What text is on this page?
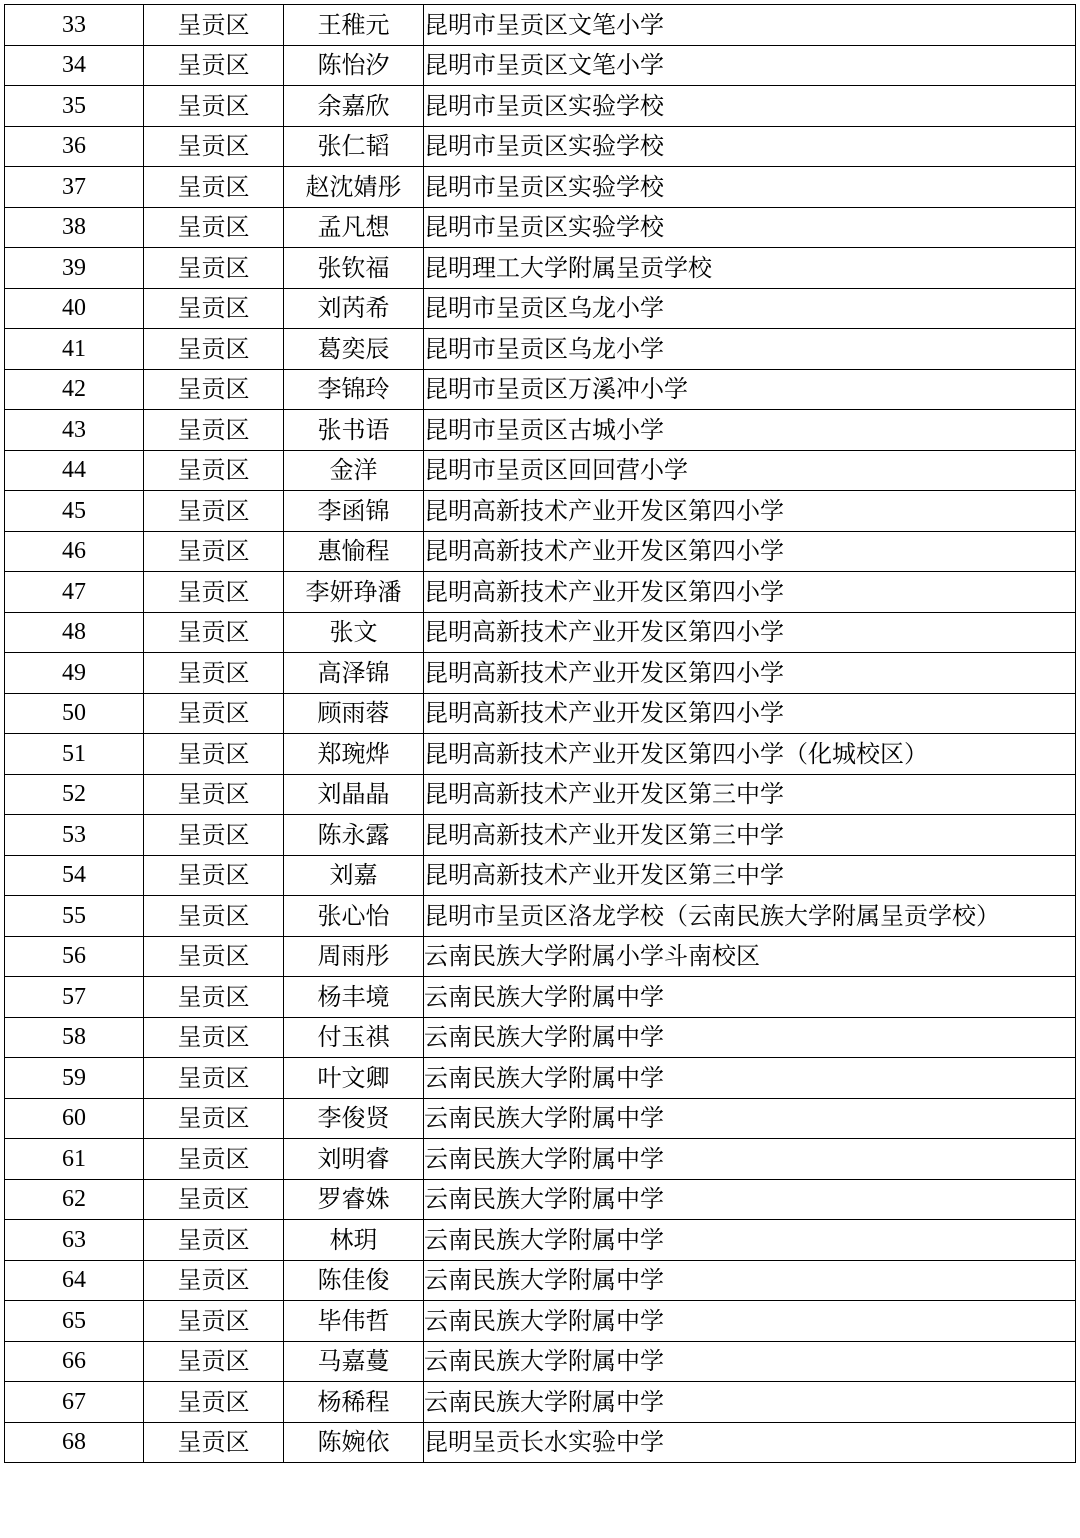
33	呈贡区	王稚元	昆明市呈贡区文笔小学
34	呈贡区	陈怡汐	昆明市呈贡区文笔小学
35	呈贡区	余嘉欣	昆明市呈贡区实验学校
36	呈贡区	张仁韬	昆明市呈贡区实验学校
37	呈贡区	赵沈婧彤	昆明市呈贡区实验学校
38	呈贡区	孟凡想	昆明市呈贡区实验学校
39	呈贡区	张钦福	昆明理工大学附属呈贡学校
40	呈贡区	刘芮希	昆明市呈贡区乌龙小学
41	呈贡区	葛奕辰	昆明市呈贡区乌龙小学
42	呈贡区	李锦玲	昆明市呈贡区万溪冲小学
43	呈贡区	张书语	昆明市呈贡区古城小学
44	呈贡区	金洋	昆明市呈贡区回回营小学
45	呈贡区	李函锦	昆明高新技术产业开发区第四小学
46	呈贡区	惠愉程	昆明高新技术产业开发区第四小学
47	呈贡区	李妍琤潘	昆明高新技术产业开发区第四小学
48	呈贡区	张文	昆明高新技术产业开发区第四小学
49	呈贡区	高泽锦	昆明高新技术产业开发区第四小学
50	呈贡区	顾雨蓉	昆明高新技术产业开发区第四小学
51	呈贡区	郑琬烨	昆明高新技术产业开发区第四小学（化城校区）
52	呈贡区	刘晶晶	昆明高新技术产业开发区第三中学
53	呈贡区	陈永露	昆明高新技术产业开发区第三中学
54	呈贡区	刘嘉	昆明高新技术产业开发区第三中学
55	呈贡区	张心怡	昆明市呈贡区洛龙学校（云南民族大学附属呈贡学校）
56	呈贡区	周雨彤	云南民族大学附属小学斗南校区
57	呈贡区	杨丰境	云南民族大学附属中学
58	呈贡区	付玉祺	云南民族大学附属中学
59	呈贡区	叶文卿	云南民族大学附属中学
60	呈贡区	李俊贤	云南民族大学附属中学
61	呈贡区	刘明睿	云南民族大学附属中学
62	呈贡区	罗睿姝	云南民族大学附属中学
63	呈贡区	林玥	云南民族大学附属中学
64	呈贡区	陈佳俊	云南民族大学附属中学
65	呈贡区	毕伟哲	云南民族大学附属中学
66	呈贡区	马嘉蔓	云南民族大学附属中学
67	呈贡区	杨稀程	云南民族大学附属中学
68	呈贡区	陈婉依	昆明呈贡长水实验中学
